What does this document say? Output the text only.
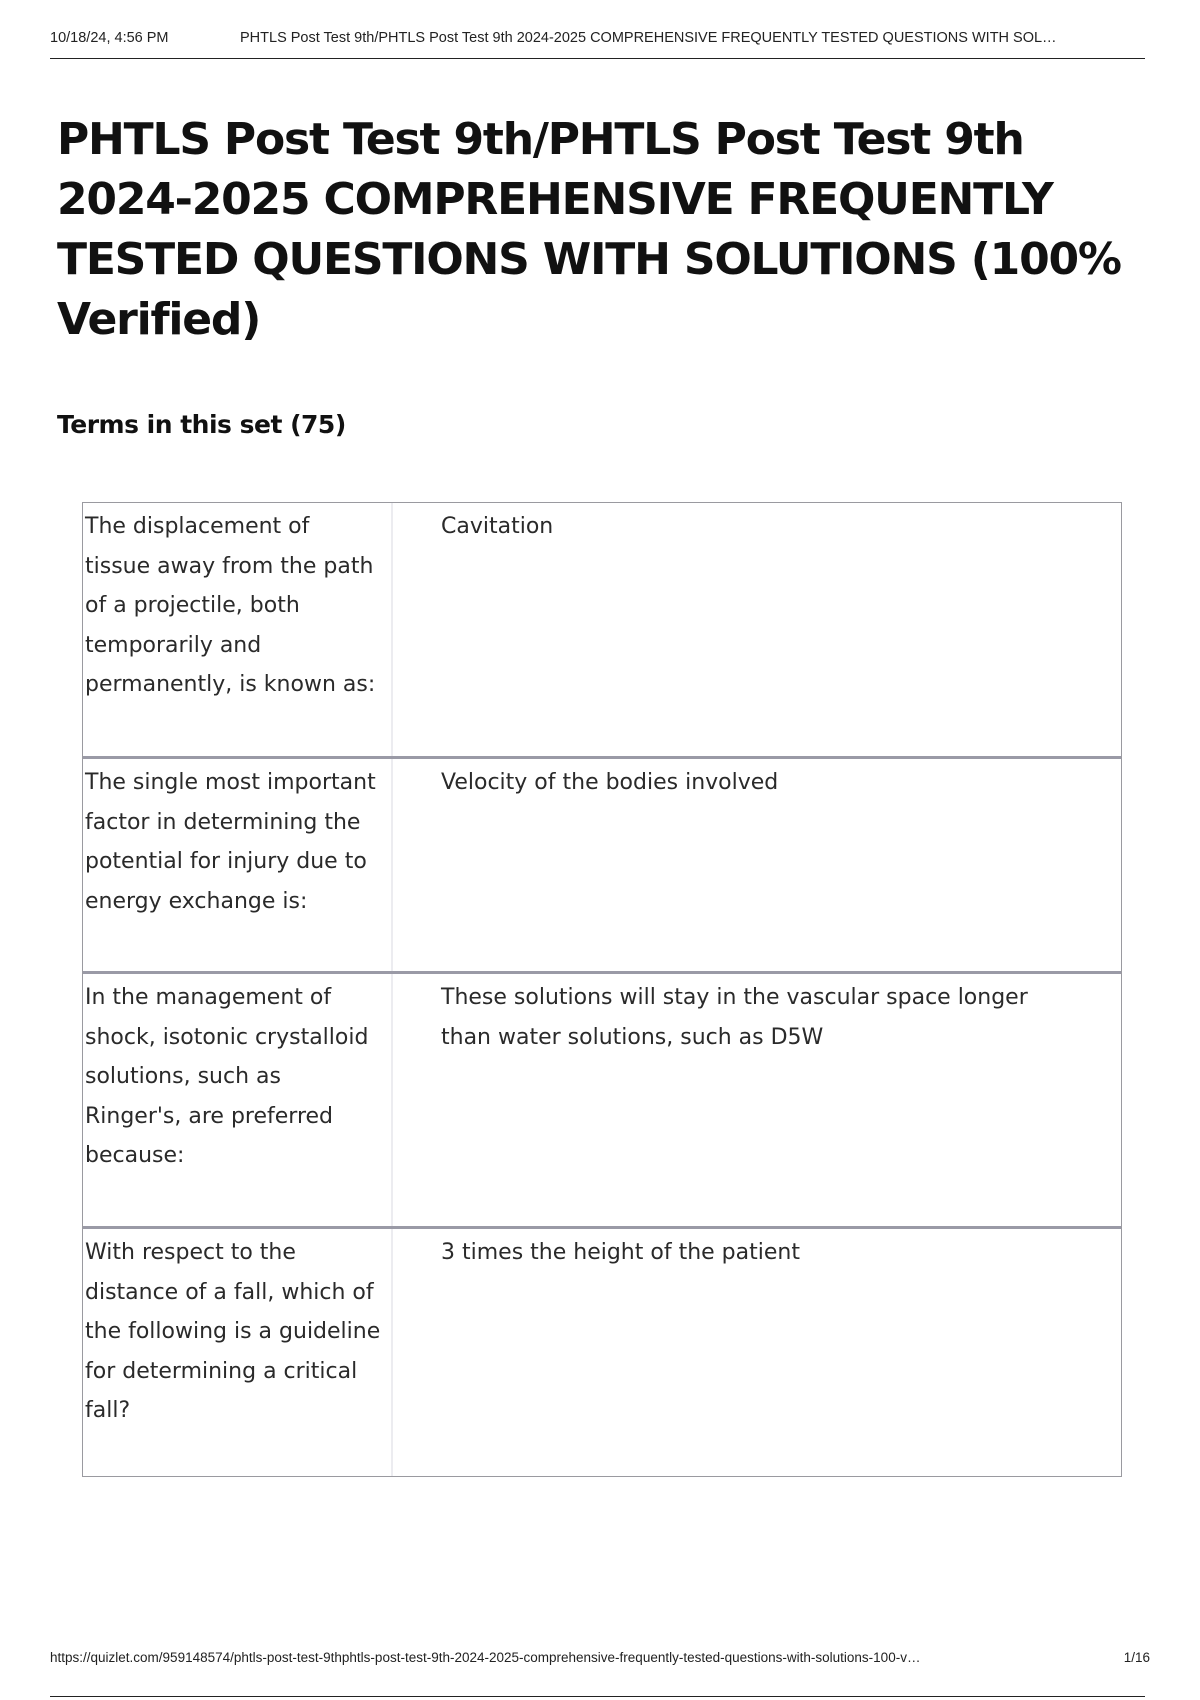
10/18/24, 4:56 PM	PHTLS Post Test 9th/PHTLS Post Test 9th 2024-2025 COMPREHENSIVE FREQUENTLY TESTED QUESTIONS WITH SOL…
PHTLS Post Test 9th/PHTLS Post Test 9th 2024-2025 COMPREHENSIVE FREQUENTLY TESTED QUESTIONS WITH SOLUTIONS (100% Verified)
Terms in this set (75)
The displacement of tissue away from the path of a projectile, both temporarily and permanently, is known as:
Cavitation
The single most important factor in determining the potential for injury due to energy exchange is:
Velocity of the bodies involved
In the management of shock, isotonic crystalloid solutions, such as Ringer's, are preferred because:
These solutions will stay in the vascular space longer than water solutions, such as D5W
With respect to the distance of a fall, which of the following is a guideline for determining a critical fall?
3 times the height of the patient
https://quizlet.com/959148574/phtls-post-test-9thphtls-post-test-9th-2024-2025-comprehensive-frequently-tested-questions-with-solutions-100-v…	1/16
